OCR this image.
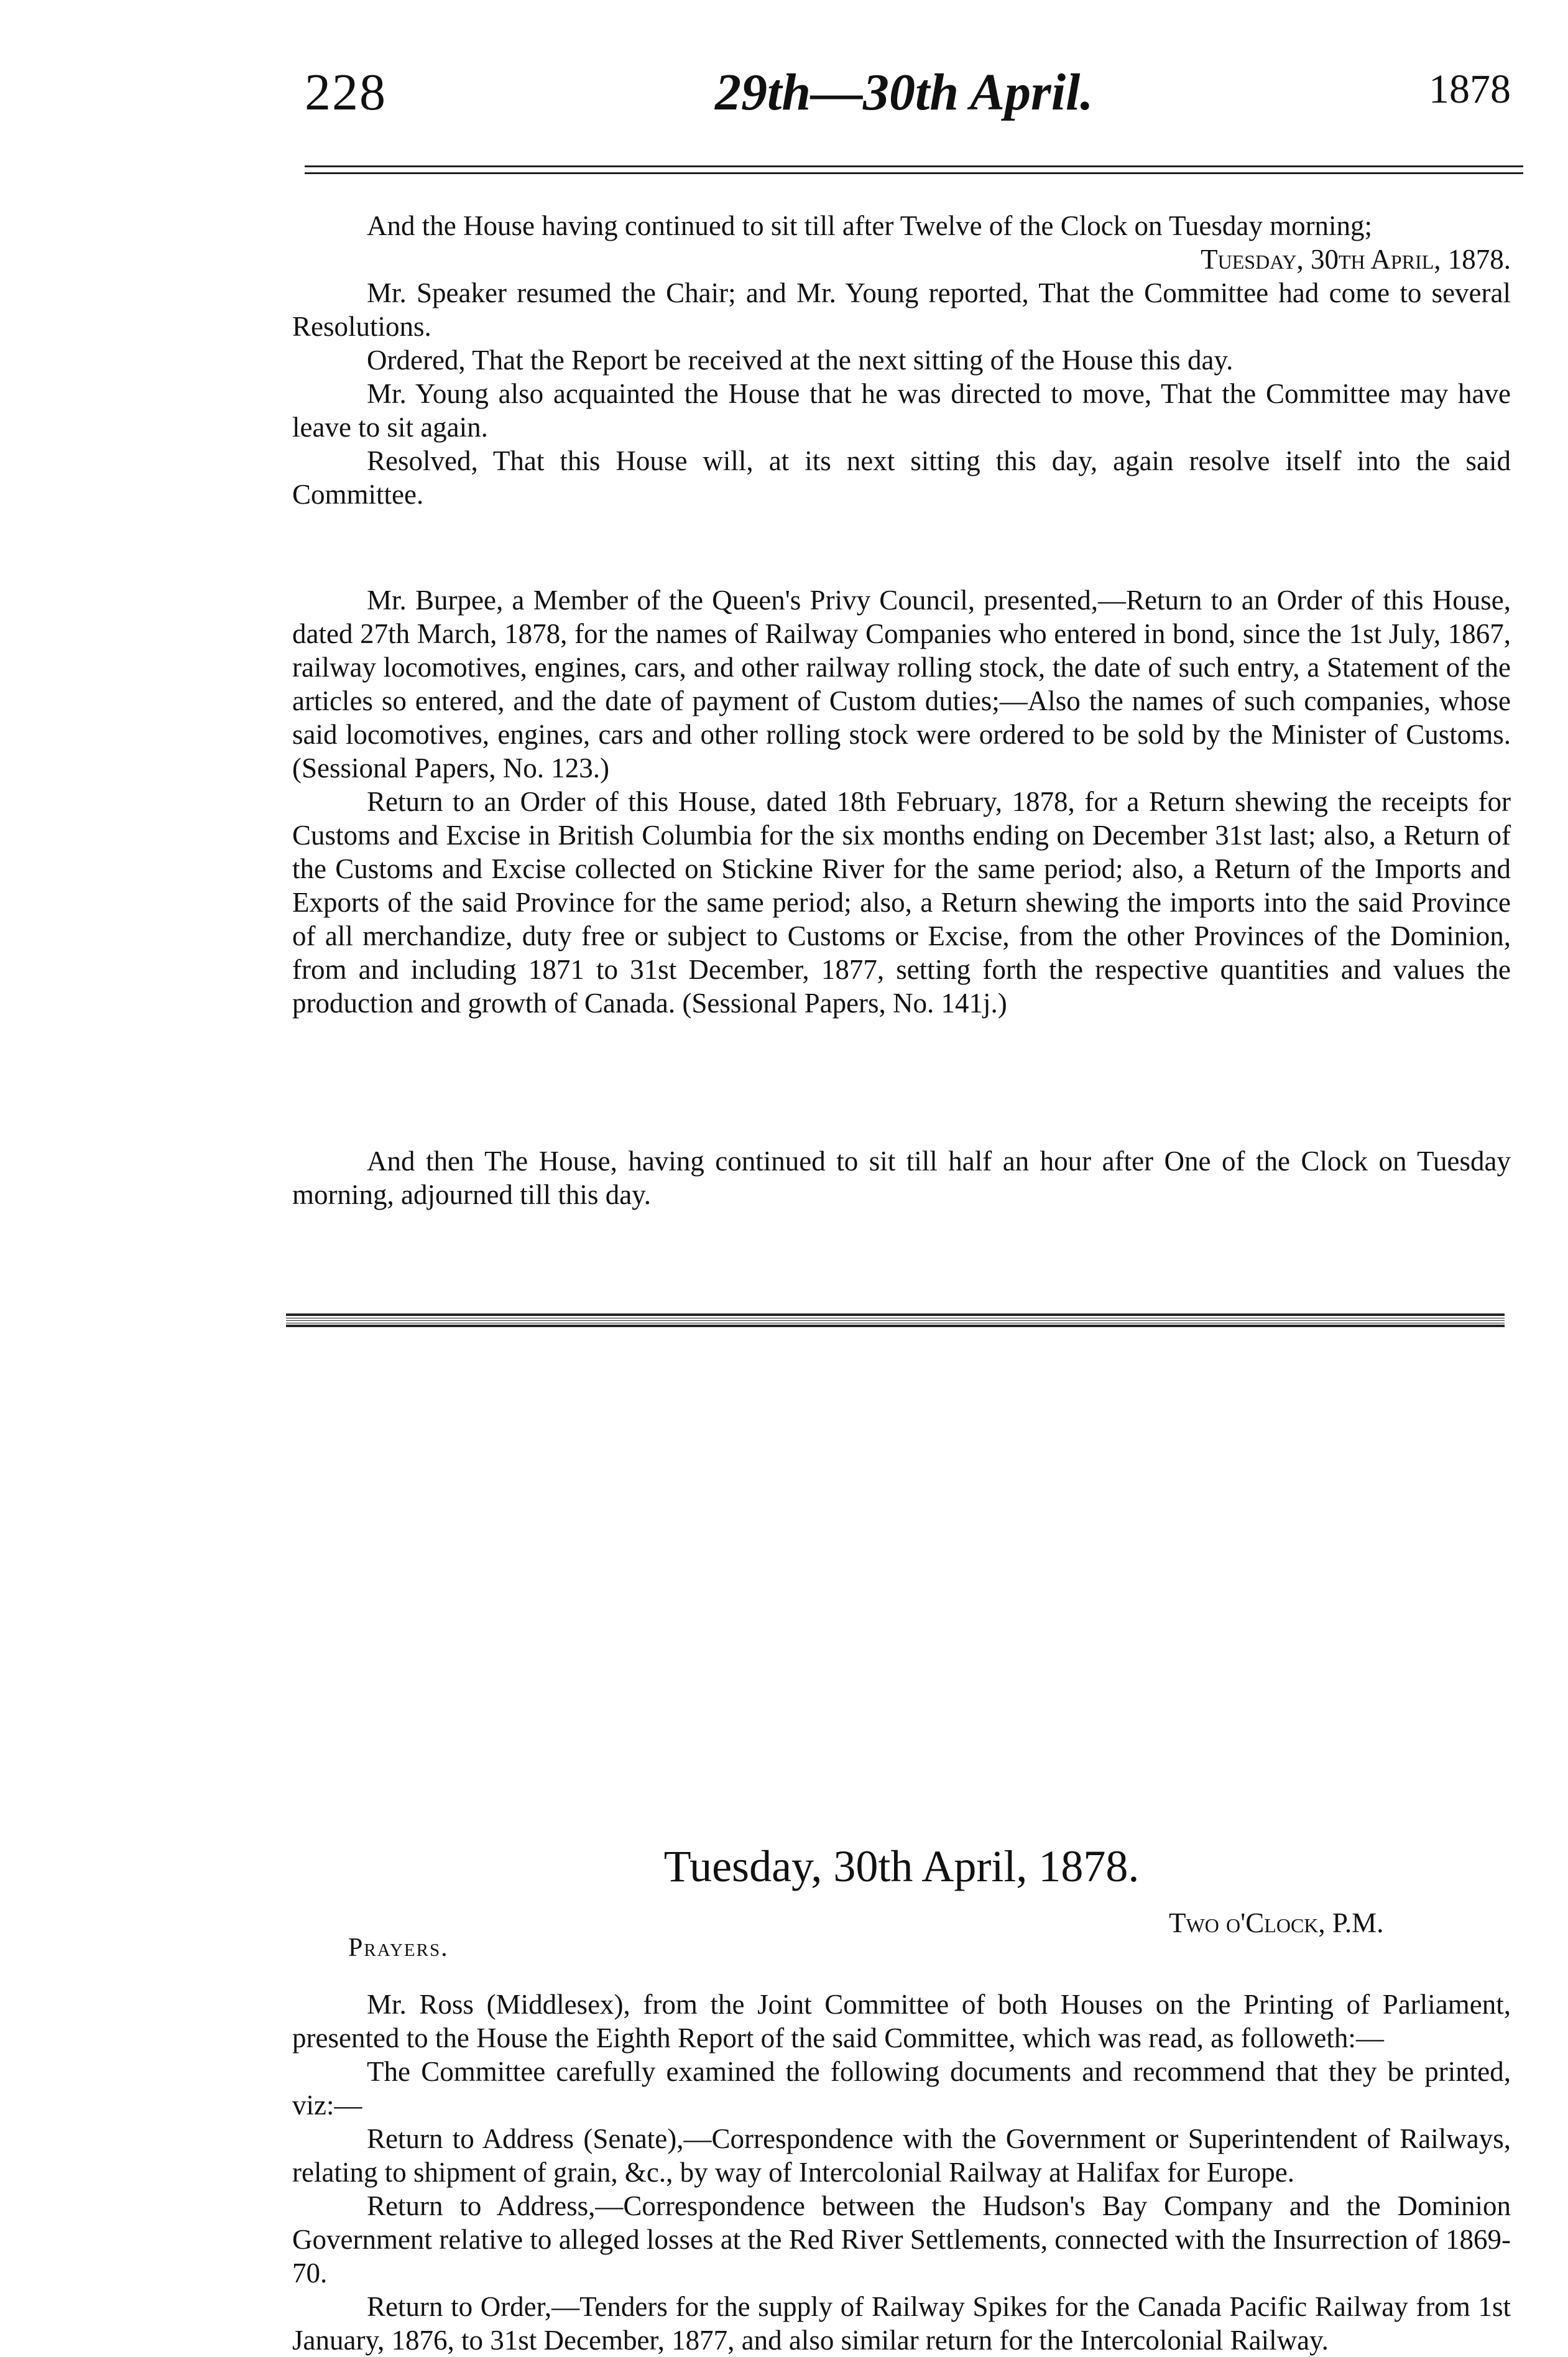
228	29th—30th April.	1878

And the House having continued to sit till after Twelve of the Clock on Tuesday morning;

Tuesday, 30th April, 1878.

Mr. Speaker resumed the Chair; and Mr. Young reported, That the Committee had come to several Resolutions.

Ordered, That the Report be received at the next sitting of the House this day.

Mr. Young also acquainted the House that he was directed to move, That the Committee may have leave to sit again.

Resolved, That this House will, at its next sitting this day, again resolve itself into the said Committee.

Mr. Burpee, a Member of the Queen's Privy Council, presented,—Return to an Order of this House, dated 27th March, 1878, for the names of Railway Companies who entered in bond, since the 1st July, 1867, railway locomotives, engines, cars, and other railway rolling stock, the date of such entry, a Statement of the articles so entered, and the date of payment of Custom duties;—Also the names of such companies, whose said locomotives, engines, cars and other rolling stock were ordered to be sold by the Minister of Customs. (Sessional Papers, No. 123.)

Return to an Order of this House, dated 18th February, 1878, for a Return shewing the receipts for Customs and Excise in British Columbia for the six months ending on December 31st last; also, a Return of the Customs and Excise collected on Stickine River for the same period; also, a Return of the Imports and Exports of the said Province for the same period; also, a Return shewing the imports into the said Province of all merchandize, duty free or subject to Customs or Excise, from the other Provinces of the Dominion, from and including 1871 to 31st December, 1877, setting forth the respective quantities and values the production and growth of Canada. (Sessional Papers, No. 141j.)

And then The House, having continued to sit till half an hour after One of the Clock on Tuesday morning, adjourned till this day.

Tuesday, 30th April, 1878.
Two o'Clock, P.M.
Prayers.

Mr. Ross (Middlesex), from the Joint Committee of both Houses on the Printing of Parliament, presented to the House the Eighth Report of the said Committee, which was read, as followeth:—

The Committee carefully examined the following documents and recommend that they be printed, viz:—

Return to Address (Senate),—Correspondence with the Government or Superintendent of Railways, relating to shipment of grain, &c., by way of Intercolonial Railway at Halifax for Europe.

Return to Address,—Correspondence between the Hudson's Bay Company and the Dominion Government relative to alleged losses at the Red River Settlements, connected with the Insurrection of 1869-70.

Return to Order,—Tenders for the supply of Railway Spikes for the Canada Pacific Railway from 1st January, 1876, to 31st December, 1877, and also similar return for the Intercolonial Railway.
